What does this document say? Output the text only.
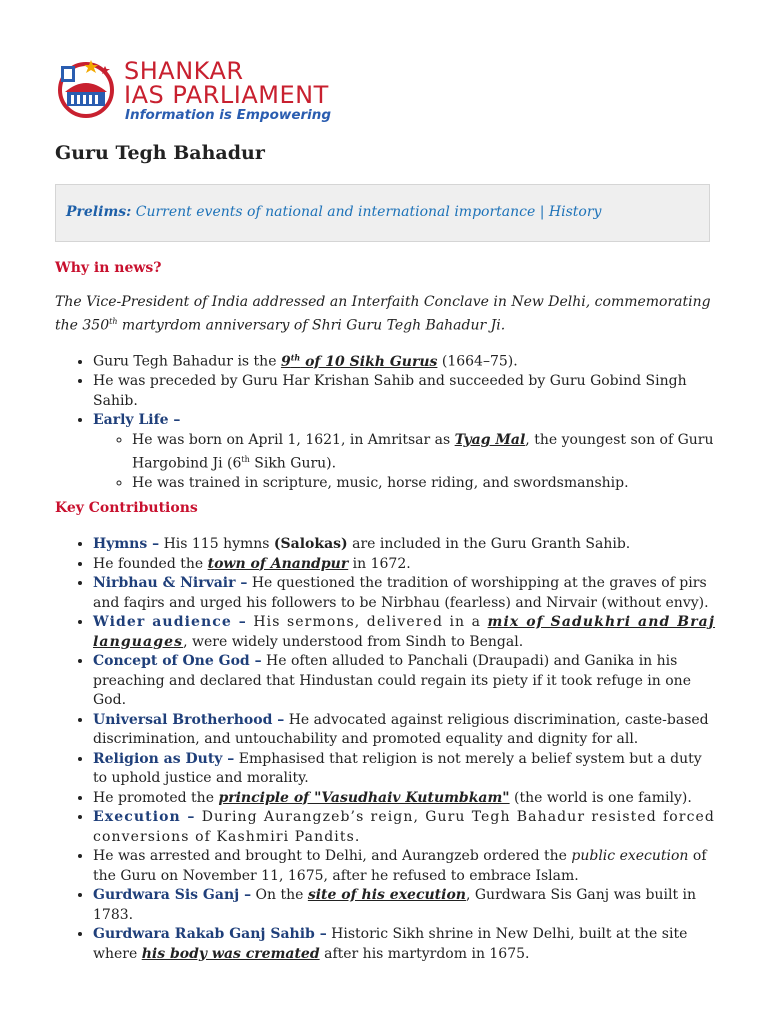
SHANKAR
IAS PARLIAMENT
Information is Empowering
Guru Tegh Bahadur
Prelims: Current events of national and international importance | History
Why in news?

The Vice-President of India addressed an Interfaith Conclave in New Delhi, commemorating the 350th martyrdom anniversary of Shri Guru Tegh Bahadur Ji.

• Guru Tegh Bahadur is the 9th of 10 Sikh Gurus (1664–75).
• He was preceded by Guru Har Krishan Sahib and succeeded by Guru Gobind Singh Sahib.
• Early Life –
◦ He was born on April 1, 1621, in Amritsar as Tyag Mal, the youngest son of Guru Hargobind Ji (6th Sikh Guru).
◦ He was trained in scripture, music, horse riding, and swordsmanship.
Key Contributions
• Hymns – His 115 hymns (Salokas) are included in the Guru Granth Sahib.
• He founded the town of Anandpur in 1672.
• Nirbhau & Nirvair – He questioned the tradition of worshipping at the graves of pirs and faqirs and urged his followers to be Nirbhau (fearless) and Nirvair (without envy).
• Wider audience – His sermons, delivered in a mix of Sadukhri and Braj languages, were widely understood from Sindh to Bengal.
• Concept of One God – He often alluded to Panchali (Draupadi) and Ganika in his preaching and declared that Hindustan could regain its piety if it took refuge in one God.
• Universal Brotherhood – He advocated against religious discrimination, caste-based discrimination, and untouchability and promoted equality and dignity for all.
• Religion as Duty – Emphasised that religion is not merely a belief system but a duty to uphold justice and morality.
• He promoted the principle of "Vasudhaiv Kutumbkam" (the world is one family).
• Execution – During Aurangzeb’s reign, Guru Tegh Bahadur resisted forced conversions of Kashmiri Pandits.
• He was arrested and brought to Delhi, and Aurangzeb ordered the public execution of the Guru on November 11, 1675, after he refused to embrace Islam.
• Gurdwara Sis Ganj – On the site of his execution, Gurdwara Sis Ganj was built in 1783.
• Gurdwara Rakab Ganj Sahib – Historic Sikh shrine in New Delhi, built at the site where his body was cremated after his martyrdom in 1675.
